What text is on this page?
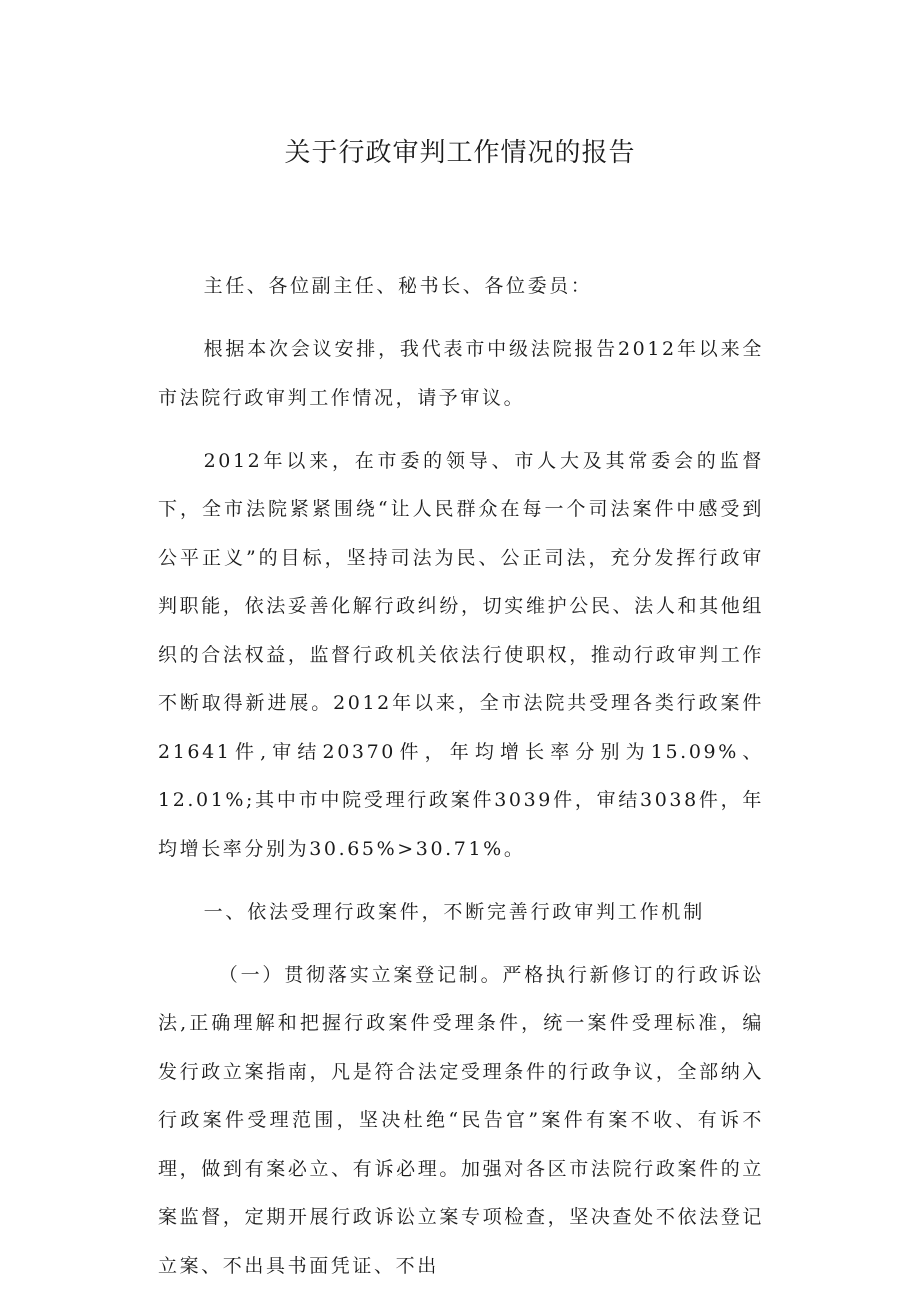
关于行政审判工作情况的报告

主任、各位副主任、秘书长、各位委员：

根据本次会议安排，我代表市中级法院报告2012年以来全市法院行政审判工作情况，请予审议。

2012年以来，在市委的领导、市人大及其常委会的监督下，全市法院紧紧围绕“让人民群众在每一个司法案件中感受到公平正义”的目标，坚持司法为民、公正司法，充分发挥行政审判职能，依法妥善化解行政纠纷，切实维护公民、法人和其他组织的合法权益，监督行政机关依法行使职权，推动行政审判工作不断取得新进展。2012年以来，全市法院共受理各类行政案件21641件,审结20370件，年均增长率分别为15.09%、12.01%;其中市中院受理行政案件3039件，审结3038件，年均增长率分别为30.65%>30.71%。

一、依法受理行政案件，不断完善行政审判工作机制

（一）贯彻落实立案登记制。严格执行新修订的行政诉讼法,正确理解和把握行政案件受理条件，统一案件受理标准，编发行政立案指南，凡是符合法定受理条件的行政争议，全部纳入行政案件受理范围，坚决杜绝“民告官”案件有案不收、有诉不理，做到有案必立、有诉必理。加强对各区市法院行政案件的立案监督，定期开展行政诉讼立案专项检查，坚决查处不依法登记立案、不出具书面凭证、不出
